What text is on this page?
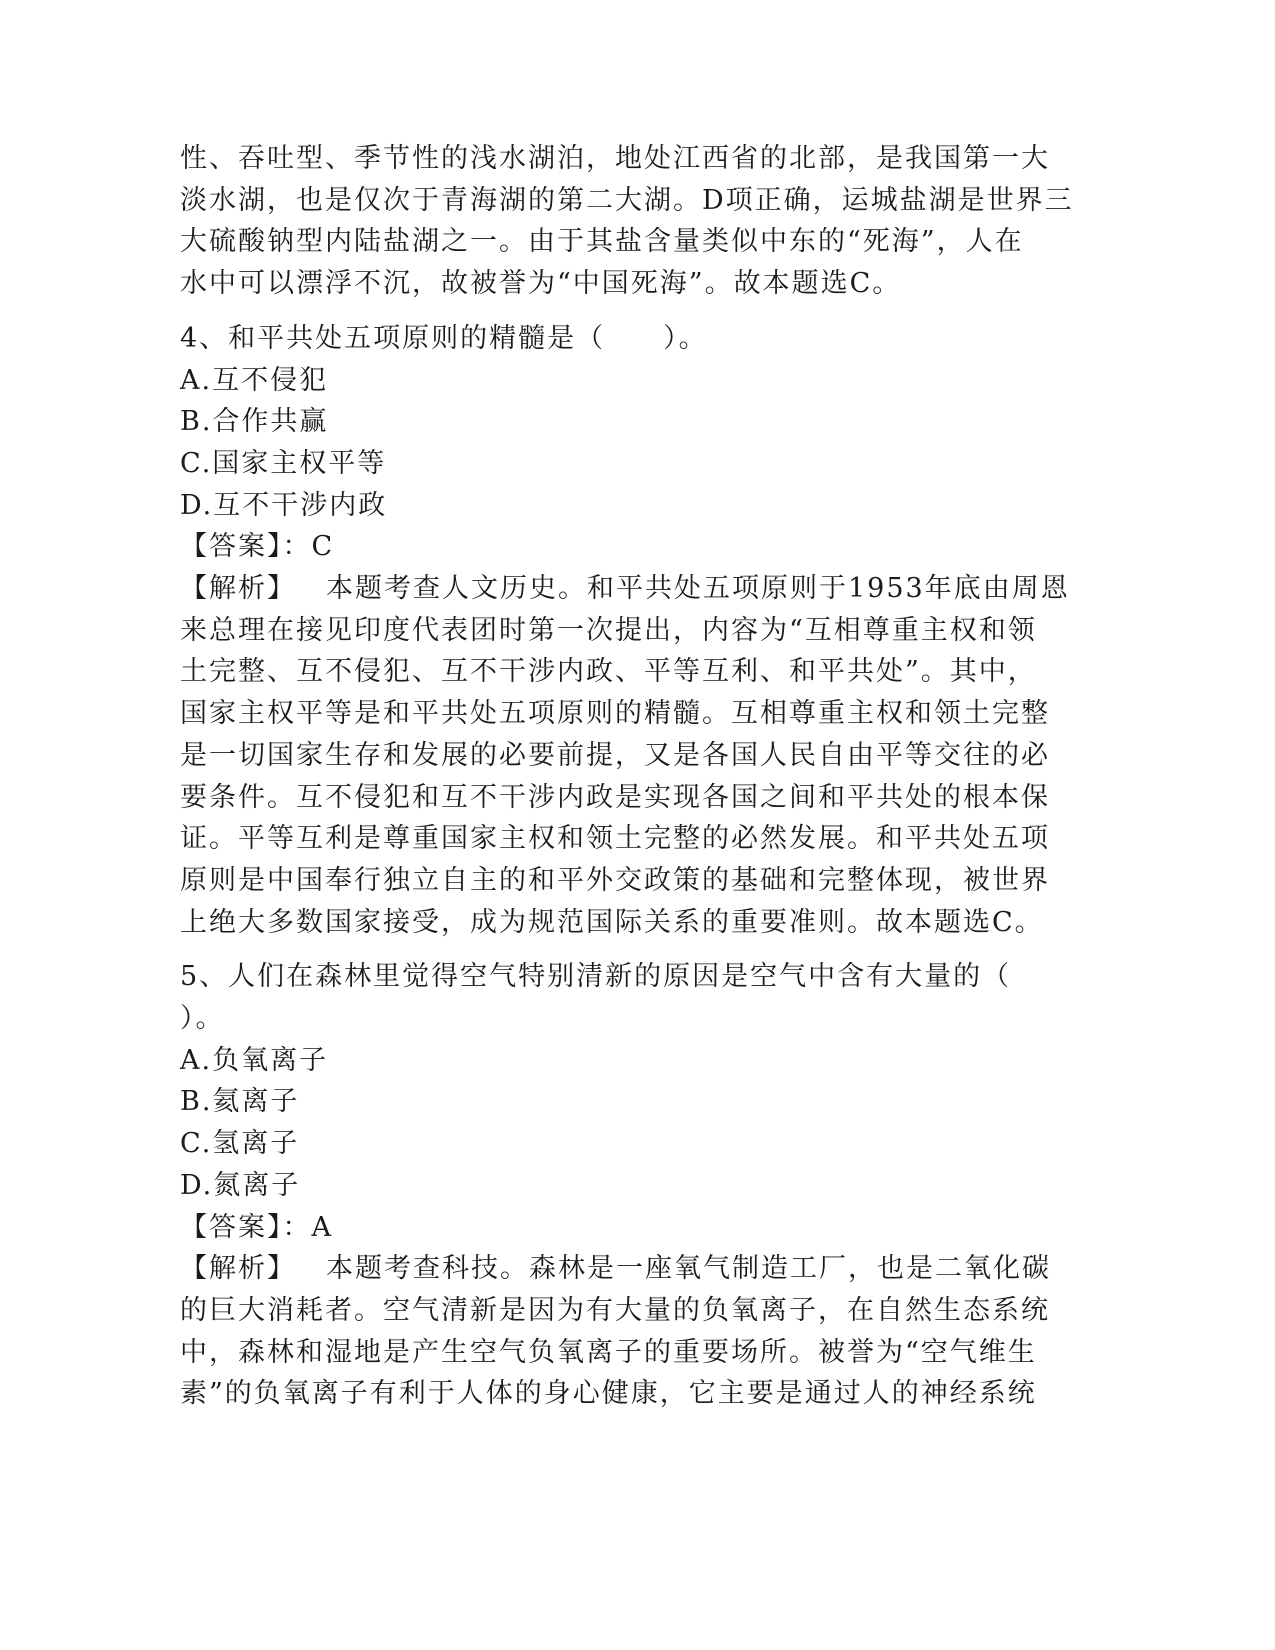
性、吞吐型、季节性的浅水湖泊，地处江西省的北部，是我国第一大
淡水湖，也是仅次于青海湖的第二大湖。D项正确，运城盐湖是世界三
大硫酸钠型内陆盐湖之一。由于其盐含量类似中东的“死海”，人在
水中可以漂浮不沉，故被誉为“中国死海”。故本题选C。
4、和平共处五项原则的精髓是（　　）。
A.互不侵犯
B.合作共赢
C.国家主权平等
D.互不干涉内政
【答案】：C
【解析】 本题考查人文历史。和平共处五项原则于1953年底由周恩
来总理在接见印度代表团时第一次提出，内容为“互相尊重主权和领
土完整、互不侵犯、互不干涉内政、平等互利、和平共处”。其中，
国家主权平等是和平共处五项原则的精髓。互相尊重主权和领土完整
是一切国家生存和发展的必要前提，又是各国人民自由平等交往的必
要条件。互不侵犯和互不干涉内政是实现各国之间和平共处的根本保
证。平等互利是尊重国家主权和领土完整的必然发展。和平共处五项
原则是中国奉行独立自主的和平外交政策的基础和完整体现，被世界
上绝大多数国家接受，成为规范国际关系的重要准则。故本题选C。
5、人们在森林里觉得空气特别清新的原因是空气中含有大量的（
）。
A.负氧离子
B.氦离子
C.氢离子
D.氮离子
【答案】：A
【解析】 本题考查科技。森林是一座氧气制造工厂，也是二氧化碳
的巨大消耗者。空气清新是因为有大量的负氧离子，在自然生态系统
中，森林和湿地是产生空气负氧离子的重要场所。被誉为“空气维生
素”的负氧离子有利于人体的身心健康，它主要是通过人的神经系统
